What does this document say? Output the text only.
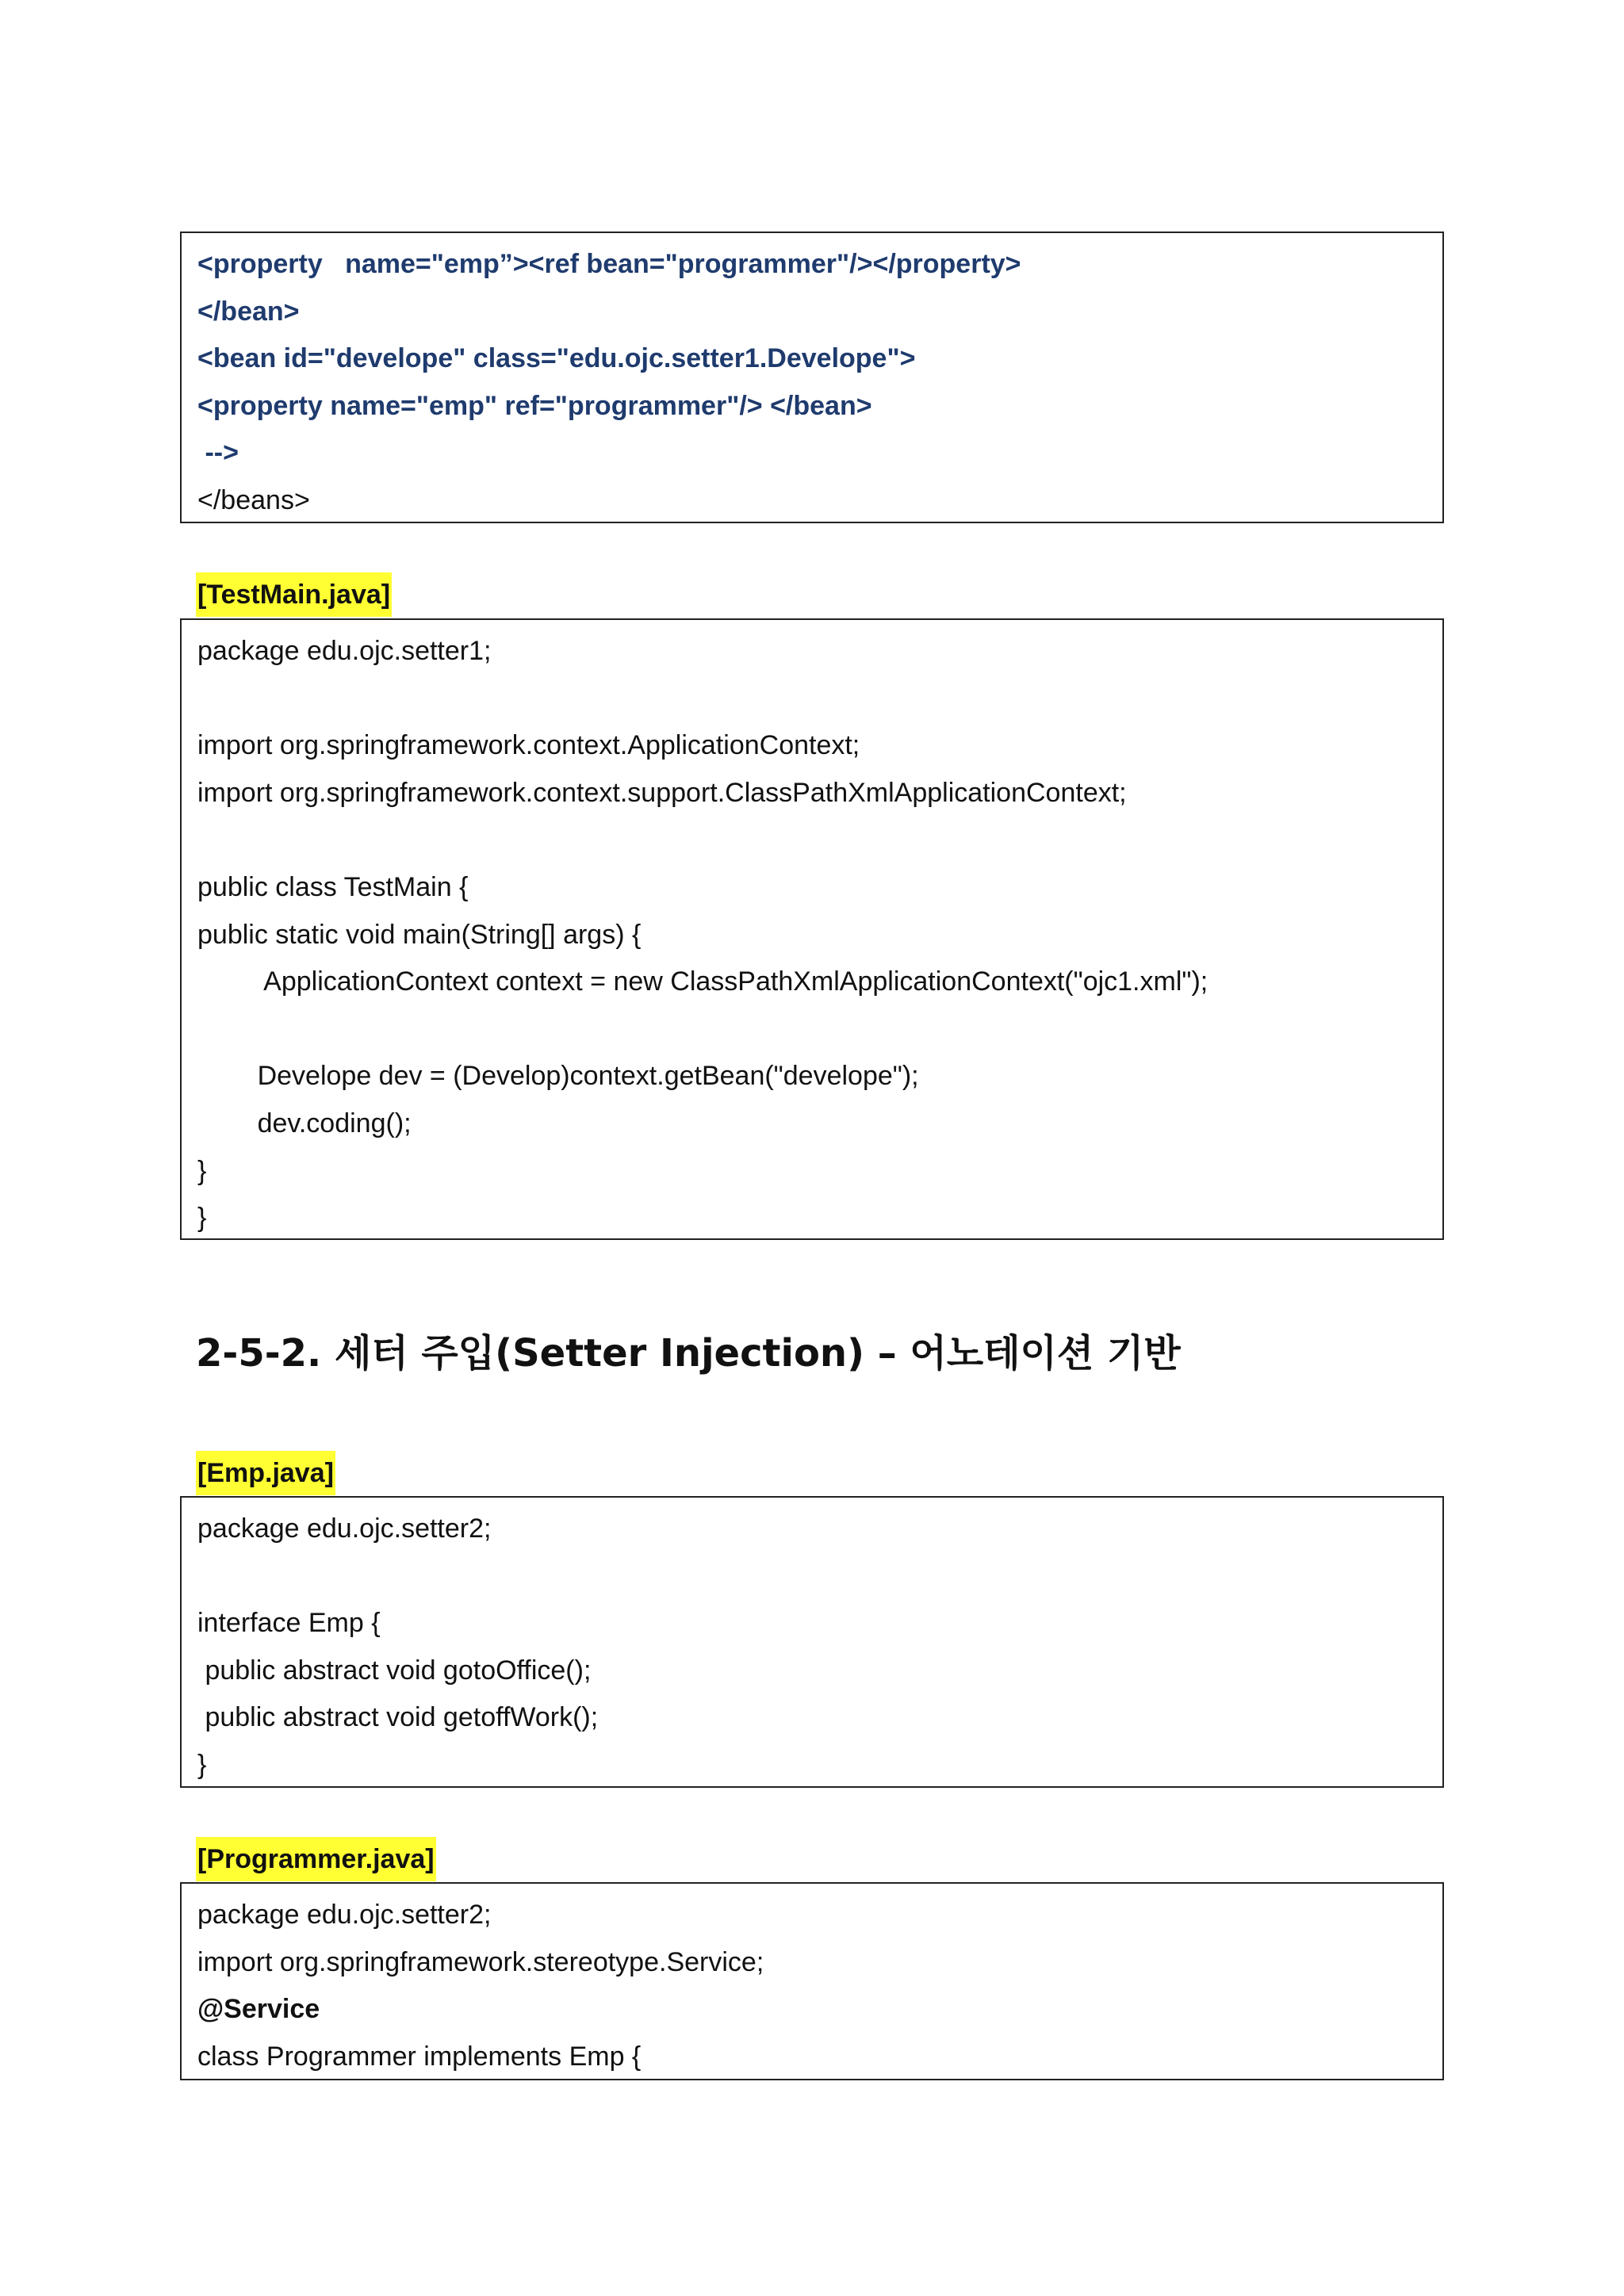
<property   name="emp”><ref bean="programmer"/></property>
</bean>
<bean id="develope" class="edu.ojc.setter1.Develope">
<property name="emp" ref="programmer"/> </bean>
-->
</beans>
[TestMain.java]
package edu.ojc.setter1;
import org.springframework.context.ApplicationContext;
import org.springframework.context.support.ClassPathXmlApplicationContext;
public class TestMain {
public static void main(String[] args) {
ApplicationContext context = new ClassPathXmlApplicationContext("ojc1.xml");
Develope dev = (Develop)context.getBean("develope");
dev.coding();
}
}
2-5-2. 세터 주입(Setter Injection) – 어노테이션 기반
[Emp.java]
package edu.ojc.setter2;
interface Emp {
public abstract void gotoOffice();
public abstract void getoffWork();
}
[Programmer.java]
package edu.ojc.setter2;
import org.springframework.stereotype.Service;
@Service
class Programmer implements Emp {
